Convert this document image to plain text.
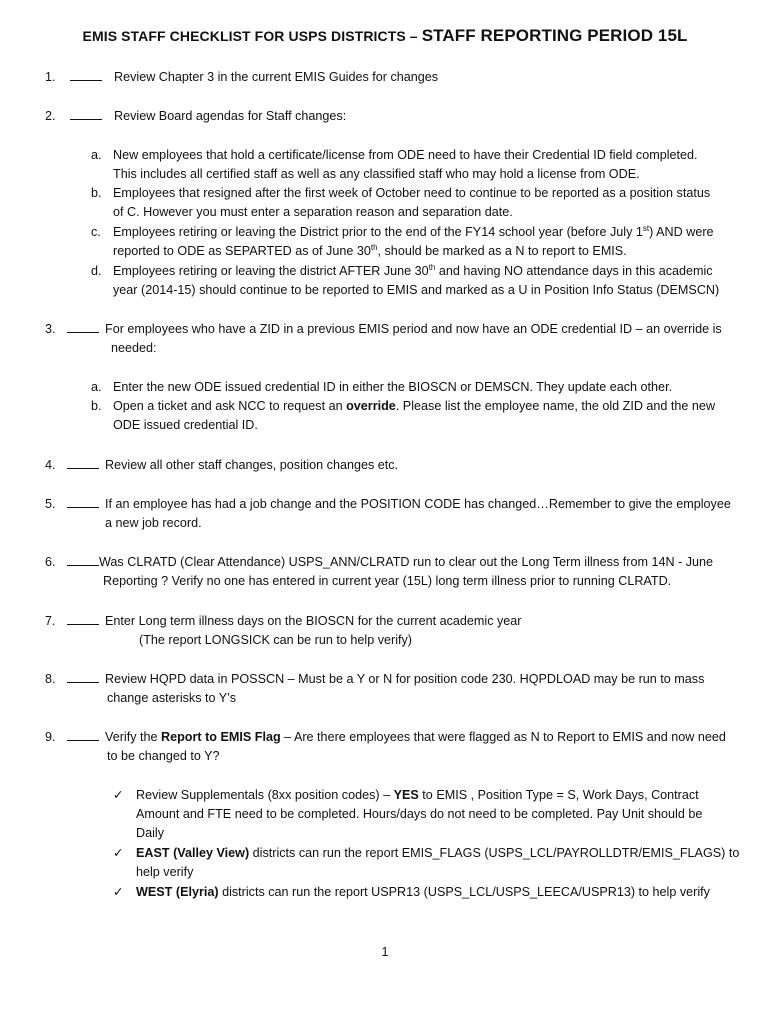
EMIS STAFF CHECKLIST FOR USPS DISTRICTS – STAFF REPORTING PERIOD 15L
1.	Review Chapter 3 in the current EMIS Guides for changes
2.	Review Board agendas for Staff changes:
a. New employees that hold a certificate/license from ODE need to have their Credential ID field completed.
This includes all certified staff as well as any classified staff who may hold a license from ODE.
b. Employees that resigned after the first week of October need to continue to be reported as a position status
of C. However you must enter a separation reason and separation date.
c. Employees retiring or leaving the District prior to the end of the FY14 school year (before July 1st) AND were
reported to ODE as SEPARTED as of June 30th, should be marked as a N to report to EMIS.
d. Employees retiring or leaving the district AFTER June 30th and having NO attendance days in this academic
year (2014-15) should continue to be reported to EMIS and marked as a U in Position Info Status (DEMSCN)
3.	For employees who have a ZID in a previous EMIS period and now have an ODE credential ID – an override is
needed:
a. Enter the new ODE issued credential ID in either the BIOSCN or DEMSCN. They update each other.
b. Open a ticket and ask NCC to request an override. Please list the employee name, the old ZID and the new
ODE issued credential ID.
4.	Review all other staff changes, position changes etc.
5.	If an employee has had a job change and the POSITION CODE has changed…Remember to give the employee
a new job record.
6.	Was CLRATD (Clear Attendance) USPS_ANN/CLRATD run to clear out the Long Term illness from 14N - June
Reporting ? Verify no one has entered in current year (15L) long term illness prior to running CLRATD.
7.	Enter Long term illness days on the BIOSCN for the current academic year
(The report LONGSICK can be run to help verify)
8.	Review HQPD data in POSSCN – Must be a Y or N for position code 230. HQPDLOAD may be run to mass
change asterisks to Y’s
9.	Verify the Report to EMIS Flag – Are there employees that were flagged as N to Report to EMIS and now need
to be changed to Y?
✓ Review Supplementals (8xx position codes) – YES to EMIS , Position Type = S, Work Days, Contract
Amount and FTE need to be completed. Hours/days do not need to be completed. Pay Unit should be
Daily
✓ EAST (Valley View) districts can run the report EMIS_FLAGS (USPS_LCL/PAYROLLDTR/EMIS_FLAGS) to
help verify
✓ WEST (Elyria) districts can run the report USPR13 (USPS_LCL/USPS_LEECA/USPR13) to help verify
1
